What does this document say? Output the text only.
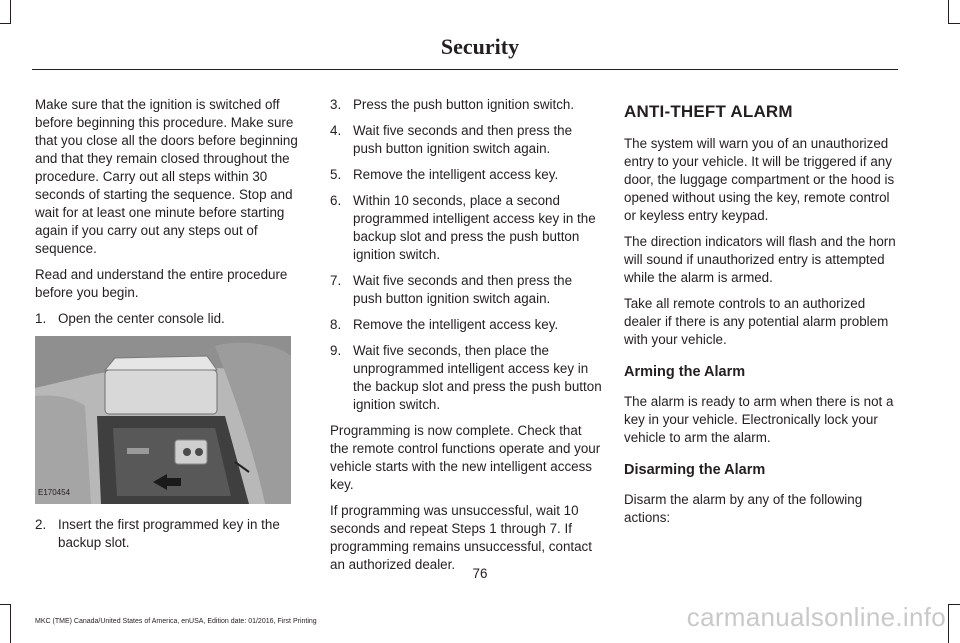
Security

Make sure that the ignition is switched off before beginning this procedure. Make sure that you close all the doors before beginning and that they remain closed throughout the procedure. Carry out all steps within 30 seconds of starting the sequence. Stop and wait for at least one minute before starting again if you carry out any steps out of sequence.

Read and understand the entire procedure before you begin.

1. Open the center console lid.
E170454
2. Insert the first programmed key in the backup slot.
3. Press the push button ignition switch.
4. Wait five seconds and then press the push button ignition switch again.
5. Remove the intelligent access key.
6. Within 10 seconds, place a second programmed intelligent access key in the backup slot and press the push button ignition switch.
7. Wait five seconds and then press the push button ignition switch again.
8. Remove the intelligent access key.
9. Wait five seconds, then place the unprogrammed intelligent access key in the backup slot and press the push button ignition switch.

Programming is now complete. Check that the remote control functions operate and your vehicle starts with the new intelligent access key.

If programming was unsuccessful, wait 10 seconds and repeat Steps 1 through 7. If programming remains unsuccessful, contact an authorized dealer.

ANTI-THEFT ALARM

The system will warn you of an unauthorized entry to your vehicle. It will be triggered if any door, the luggage compartment or the hood is opened without using the key, remote control or keyless entry keypad.

The direction indicators will flash and the horn will sound if unauthorized entry is attempted while the alarm is armed.

Take all remote controls to an authorized dealer if there is any potential alarm problem with your vehicle.

Arming the Alarm

The alarm is ready to arm when there is not a key in your vehicle. Electronically lock your vehicle to arm the alarm.

Disarming the Alarm

Disarm the alarm by any of the following actions:

76
MKC (TME) Canada/United States of America, enUSA, Edition date: 01/2016, First Printing	carmanualsonline.info
